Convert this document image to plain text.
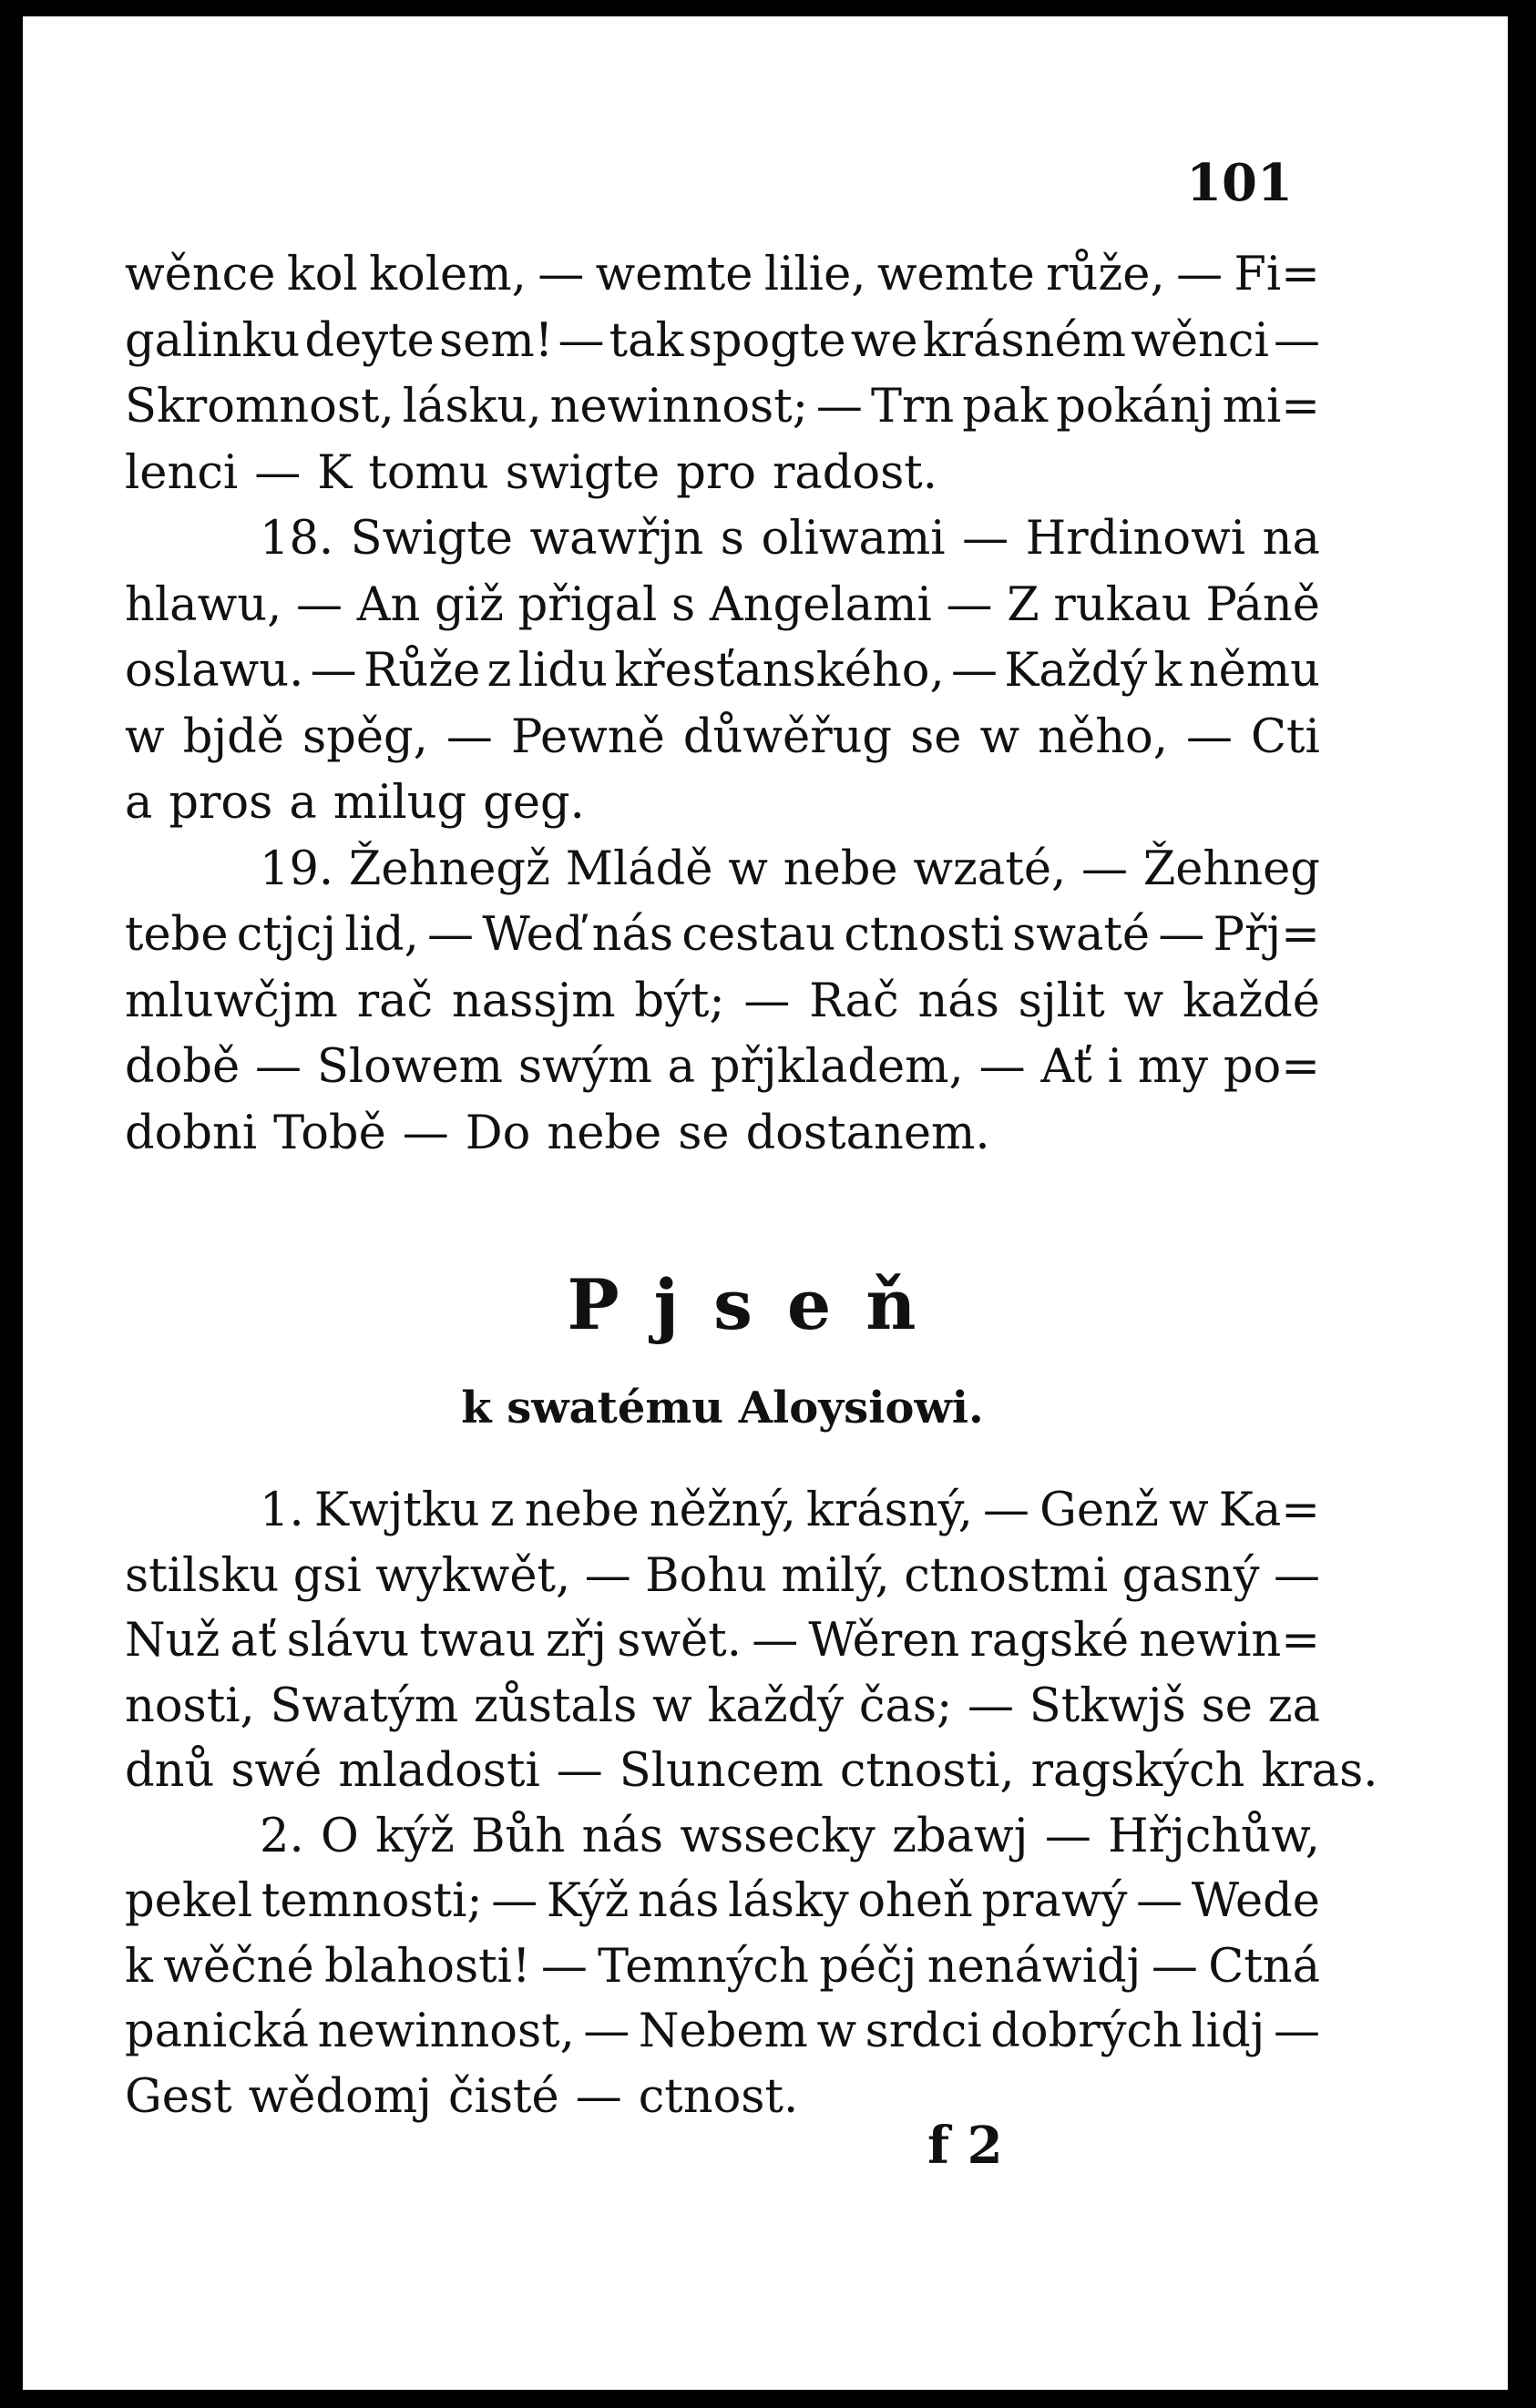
101
wěnce kol kolem, — wemte lilie, wemte růže, — Fi=
galinku deyte sem! — tak spogte we krásném wěnci —
Skromnost, lásku, newinnost; — Trn pak pokánj mi=
lenci — K tomu swigte pro radost.
18. Swigte wawřjn s oliwami — Hrdinowi na
hlawu, — An giž přigal s Angelami — Z rukau Páně
oslawu. — Růže z lidu křesťanského, — Každý k němu
w bjdě spěg, — Pewně důwěřug se w něho, — Cti
a pros a milug geg.
19. Žehnegž Mládě w nebe wzaté, — Žehneg
tebe ctjcj lid, — Weď nás cestau ctnosti swaté — Přj=
mluwčjm rač nassjm být; — Rač nás sjlit w každé
době — Slowem swým a přjkladem, — Ať i my po=
dobni Tobě — Do nebe se dostanem.
Pjseň
k swatému Aloysiowi.
1. Kwjtku z nebe něžný, krásný, — Genž w Ka=
stilsku gsi wykwět, — Bohu milý, ctnostmi gasný —
Nuž ať slávu twau zřj swět. — Wěren ragské newin=
nosti, Swatým zůstals w každý čas; — Stkwjš se za
dnů swé mladosti — Sluncem ctnosti, ragských kras.
2. O kýž Bůh nás wssecky zbawj — Hřjchůw,
pekel temnosti; — Kýž nás lásky oheň prawý — Wede
k wěčné blahosti! — Temných péčj nenáwidj — Ctná
panická newinnost, — Nebem w srdci dobrých lidj —
Gest wědomj čisté — ctnost.
f 2
